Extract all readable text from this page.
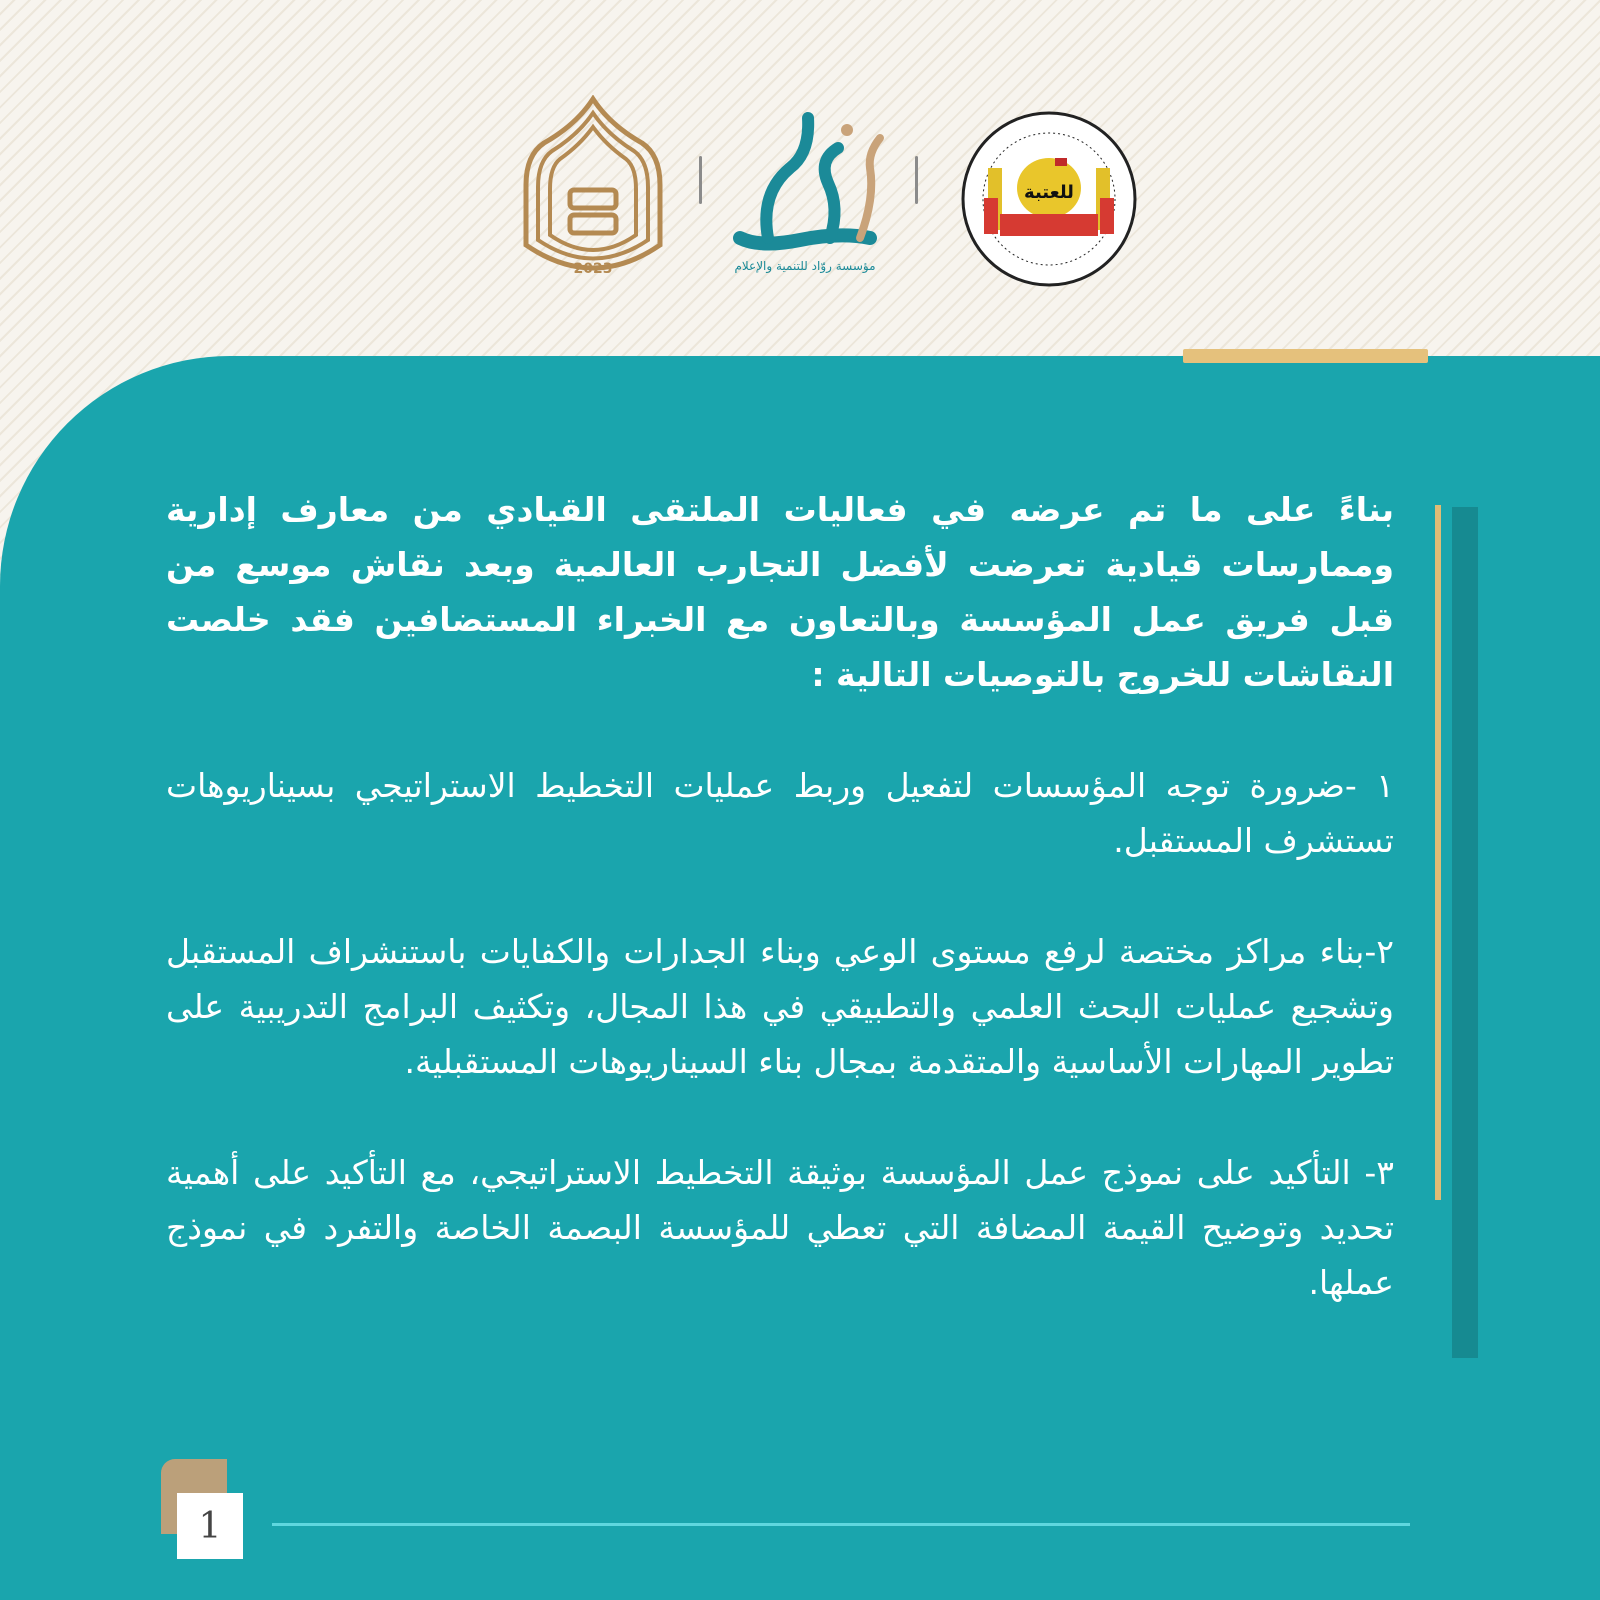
للعتبة
مؤسسة روّاد للتنمية والإعلام
2023

بناءً على ما تم عرضه في فعاليات الملتقى القيادي من معارف إدارية وممارسات قيادية تعرضت لأفضل التجارب العالمية وبعد نقاش موسع من قبل فريق عمل المؤسسة وبالتعاون مع الخبراء المستضافين فقد خلصت النقاشات للخروج بالتوصيات التالية :

١ -ضرورة توجه المؤسسات لتفعيل وربط عمليات التخطيط الاستراتيجي بسيناريوهات تستشرف المستقبل.

٢-بناء مراكز مختصة لرفع مستوى الوعي وبناء الجدارات والكفايات باستنشراف المستقبل وتشجيع عمليات البحث العلمي والتطبيقي في هذا المجال، وتكثيف البرامج التدريبية على تطوير المهارات الأساسية والمتقدمة بمجال بناء السيناريوهات المستقبلية.

٣- التأكيد على نموذج عمل المؤسسة بوثيقة التخطيط الاستراتيجي، مع التأكيد على أهمية تحديد وتوضيح القيمة المضافة التي تعطي للمؤسسة البصمة الخاصة والتفرد في نموذج عملها.

1
